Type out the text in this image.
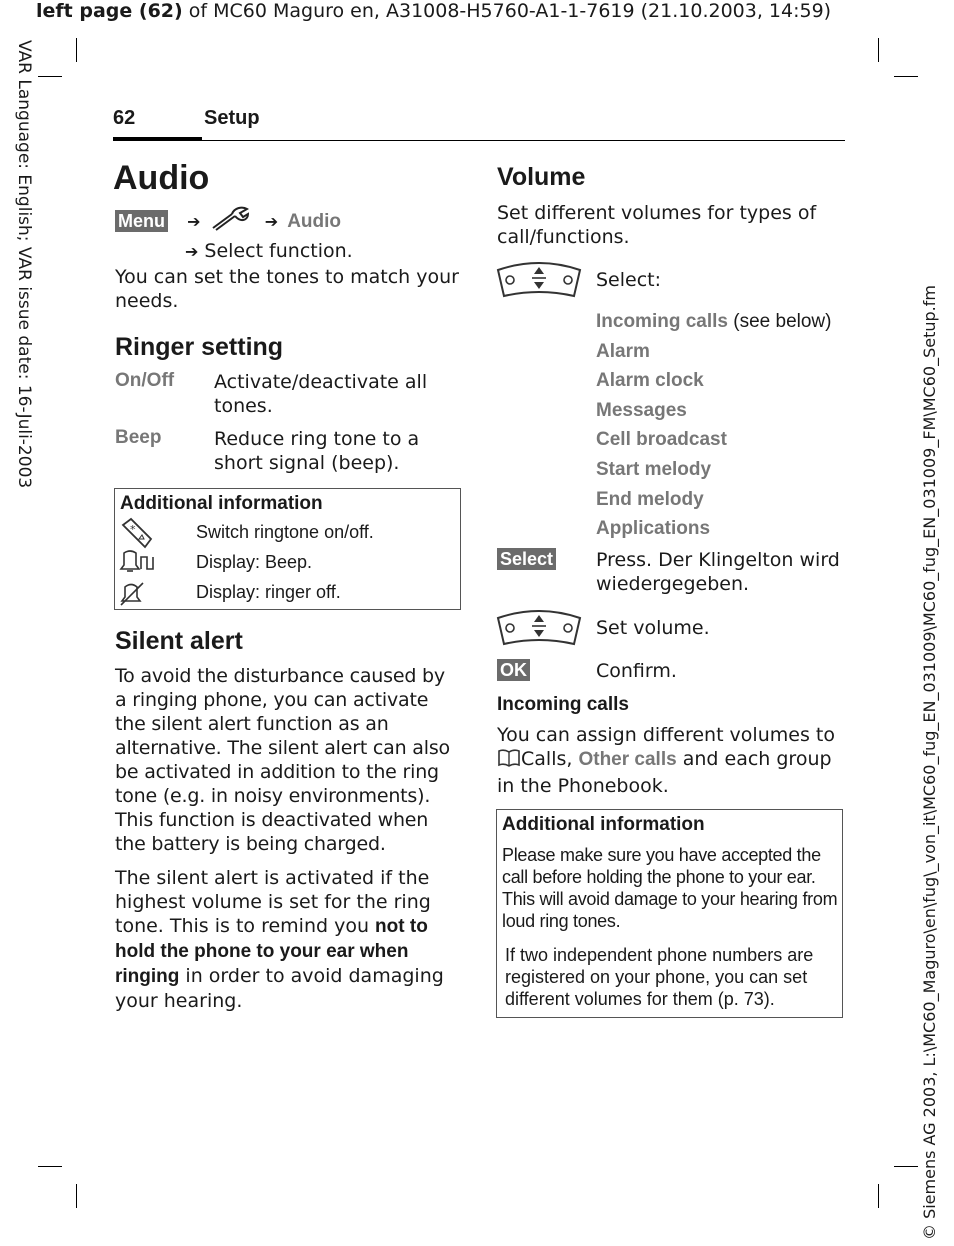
left page (62) of MC60 Maguro en, A31008-H5760-A1-1-7619 (21.10.2003, 14:59)
VAR Language: English; VAR issue date: 16-Juli-2003
© Siemens AG 2003, L:\MC60_Maguro\en\fug\_von_it\MC60_fug_EN_031009\MC60_fug_EN_031009_FM\MC60_Setup.fm
62	Setup
Audio
Menu ➔	➔ Audio
➔ Select function.
You can set the tones to match your needs.
Ringer setting
On/Off Activate/deactivate all tones.
Beep	Reduce ring tone to a short signal (beep).
Additional information
*	Switch ringtone on/off.
Display: Beep.
Display: ringer off.
Silent alert
To avoid the disturbance caused by a ringing phone, you can activate the silent alert function as an alternative. The silent alert can also be activated in addition to the ring tone (e.g. in noisy environments). This function is deactivated when the battery is being charged.
The silent alert is activated if the highest volume is set for the ring tone. This is to remind you not to hold the phone to your ear when ringing in order to avoid damaging your hearing.
Volume
Set different volumes for types of call/functions.
Select:
Incoming calls (see below)
Alarm
Alarm clock
Messages
Cell broadcast
Start melody
End melody
Applications
Select Press. Der Klingelton wird wiedergegeben.
Set volume.
OK	Confirm.
Incoming calls
You can assign different volumes to
Calls, Other calls and each group in the Phonebook.
Additional information
Please make sure you have accepted the call before holding the phone to your ear. This will avoid damage to your hearing from loud ring tones.
If two independent phone numbers are registered on your phone, you can set different volumes for them (p. 73).
